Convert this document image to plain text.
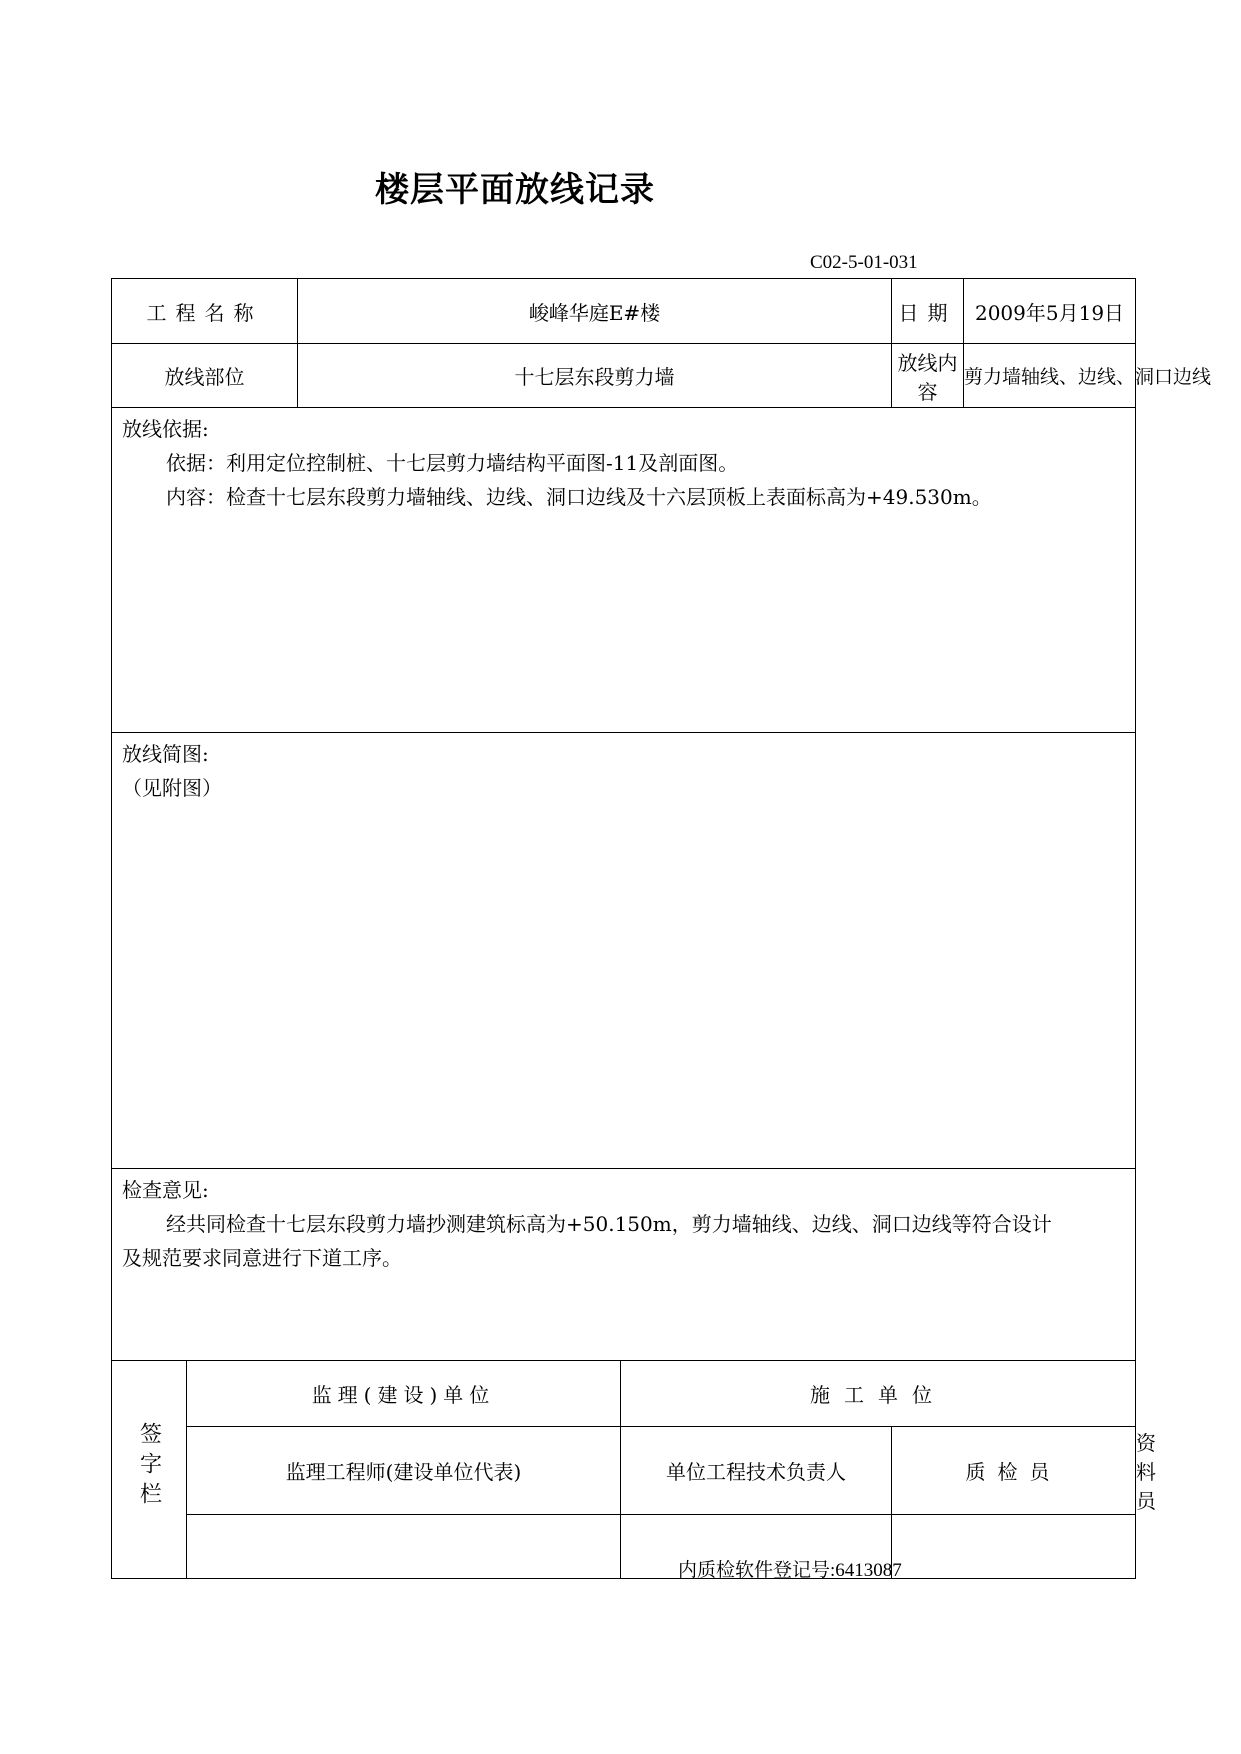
楼层平面放线记录
C02-5-01-031
工程名称		峻峰华庭E#楼		日期	2009年5月19日	
放线部位		十七层东段剪力墙		放线内容	剪力墙轴线、边线、洞口边线	

放线依据:
依据：利用定位控制桩、十七层剪力墙结构平面图-11及剖面图。
内容：检查十七层东段剪力墙轴线、边线、洞口边线及十六层顶板上表面标高为+49.530m。						

放线简图:
（见附图）						

检查意见:
经共同检查十七层东段剪力墙抄测建筑标高为+50.150m，剪力墙轴线、边线、洞口边线等符合设计
及规范要求同意进行下道工序。						

签字栏	监理(建设)单位		施工单位			
	监理工程师(建设单位代表)		单位工程技术负责人	质检员		资料员

内质检软件登记号:6413087
